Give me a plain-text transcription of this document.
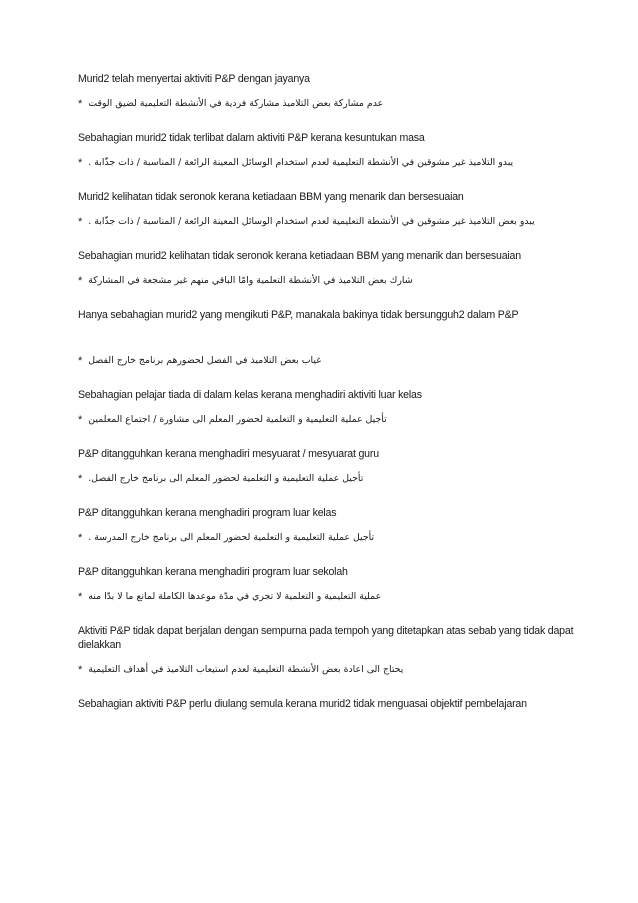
Murid2 telah menyertai aktiviti P&P dengan jayanya

* عدم مشاركة بعض التلاميذ مشاركة فردية في الأنشطة التعليمية لضيق الوقت

Sebahagian murid2 tidak terlibat dalam aktiviti P&P kerana kesuntukan masa

* يبدو التلاميذ غير مشوقين في الأنشطة التعليمية لعدم استخدام الوسائل المعينة الرائعة / المناسبة / ذات جذّابة .

Murid2 kelihatan tidak seronok kerana ketiadaan BBM yang menarik dan bersesuaian

* يبدو بعض التلاميذ غير مشوقين في الأنشطة التعليمية لعدم استخدام الوسائل المعينة الرائعة / المناسبة / ذات جذّابة .

Sebahagian murid2 kelihatan tidak seronok kerana ketiadaan BBM yang menarik dan bersesuaian

* شارك بعض التلاميذ في الأنشطة التعلمية وامّا الباقي منهم غير مشجعة في المشاركة

Hanya sebahagian murid2 yang mengikuti P&P, manakala bakinya tidak bersungguh2 dalam P&P

* غياب بعض التلاميذ في الفصل لحضورهم برنامج خارج الفصل

Sebahagian pelajar tiada di dalam kelas kerana menghadiri aktiviti luar kelas

* تأجيل عملية التعليمية و التعلمية لحضور المعلم الى مشاورة / اجتماع المعلمين

P&P ditangguhkan kerana menghadiri mesyuarat / mesyuarat guru

* تأجيل عملية التعليمية و التعلمية لحضور المعلم الى برنامج خارج الفصل.

P&P ditangguhkan kerana menghadiri program luar kelas

* تأجيل عملية التعليمية و التعلمية لحضور المعلم الى برنامج خارج المدرسة .

P&P ditangguhkan kerana menghadiri program luar sekolah

* عملية التعليمية و التعلمية لا تجري في مدّة موعدها الكاملة لمانع ما لا بدّا منه

Aktiviti P&P tidak dapat berjalan dengan sempurna pada tempoh yang ditetapkan atas sebab yang tidak dapat dielakkan

* يحتاج الى اعادة بعض الأنشطة التعليمية لعدم استيعاب التلاميذ في أهداف التعليمية

Sebahagian aktiviti P&P perlu diulang semula kerana murid2 tidak menguasai objektif pembelajaran
